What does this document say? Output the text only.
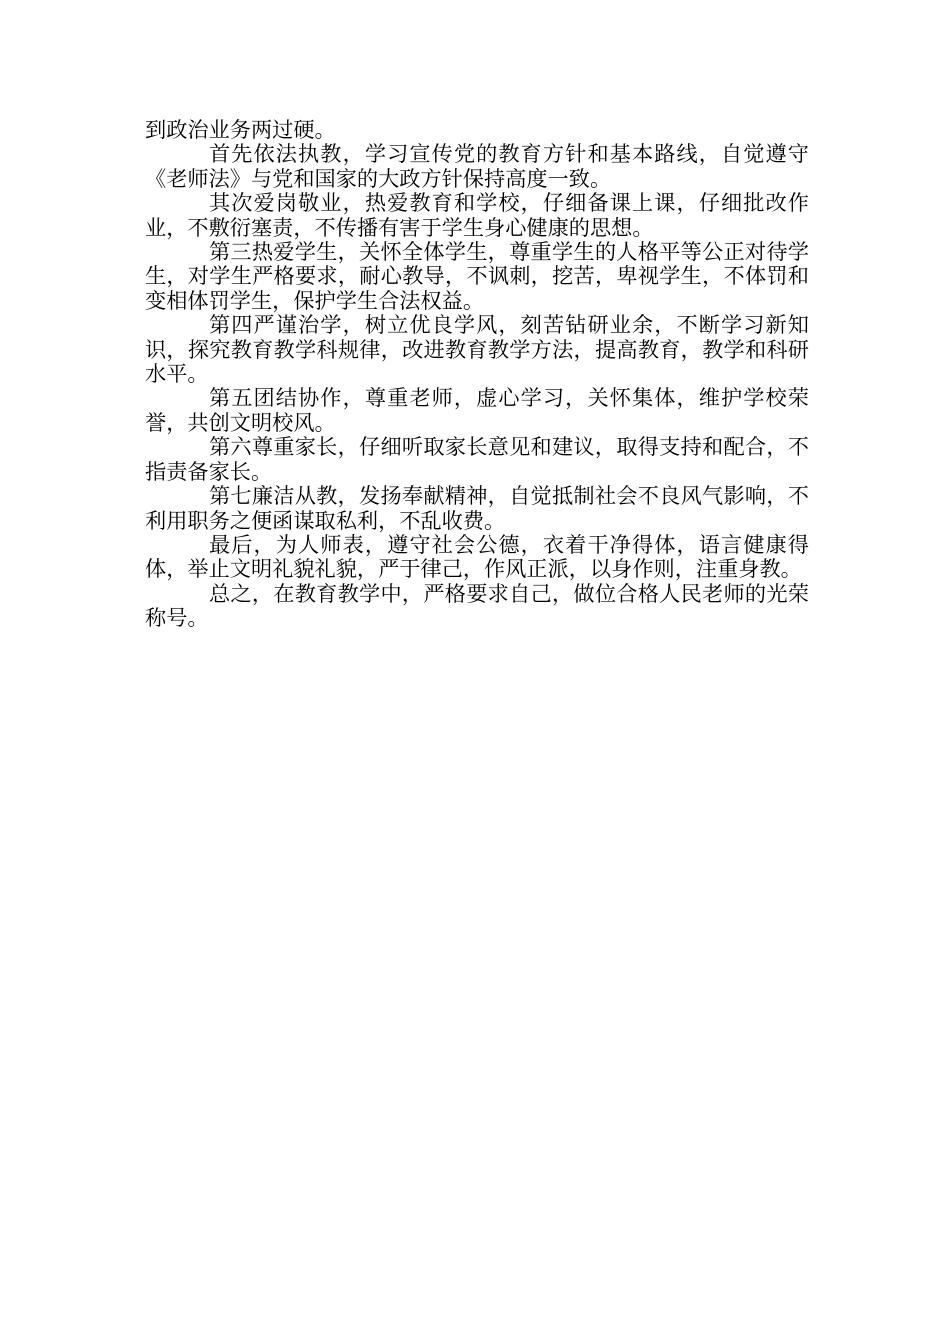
到政治业务两过硬。

首先依法执教，学习宣传党的教育方针和基本路线，自觉遵守《老师法》与党和国家的大政方针保持高度一致。

其次爱岗敬业，热爱教育和学校，仔细备课上课，仔细批改作业，不敷衍塞责，不传播有害于学生身心健康的思想。

第三热爱学生，关怀全体学生，尊重学生的人格平等公正对待学生，对学生严格要求，耐心教导，不讽刺，挖苦，卑视学生，不体罚和变相体罚学生，保护学生合法权益。

第四严谨治学，树立优良学风，刻苦钻研业余，不断学习新知识，探究教育教学科规律，改进教育教学方法，提高教育，教学和科研水平。

第五团结协作，尊重老师，虚心学习，关怀集体，维护学校荣誉，共创文明校风。

第六尊重家长，仔细听取家长意见和建议，取得支持和配合，不指责备家长。

第七廉洁从教，发扬奉献精神，自觉抵制社会不良风气影响，不利用职务之便函谋取私利，不乱收费。

最后，为人师表，遵守社会公德，衣着干净得体，语言健康得体，举止文明礼貌礼貌，严于律己，作风正派，以身作则，注重身教。

总之，在教育教学中，严格要求自己，做位合格人民老师的光荣称号。
